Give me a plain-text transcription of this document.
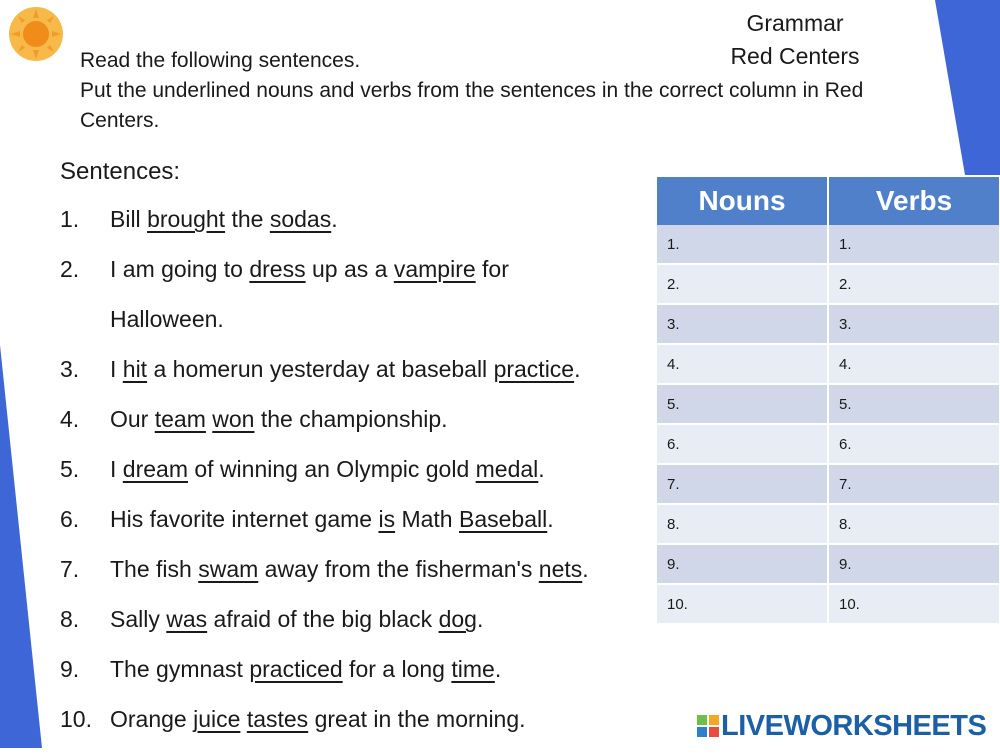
Grammar
Red Centers
Read the following sentences.
Put the underlined nouns and verbs from the sentences in the correct column in Red
Centers.
Sentences:
1.	Bill brought the sodas.
2.	I am going to dress up as a vampire for
Halloween.
3.	I hit a homerun yesterday at baseball practice.
4.	Our team won the championship.
5.	I dream of winning an Olympic gold medal.
6.	His favorite internet game is Math Baseball.
7.	The fish swam away from the fisherman's nets.
8.	Sally was afraid of the big black dog.
9.	The gymnast practiced for a long time.
10. Orange juice tastes great in the morning.
Nouns	Verbs
1.	1.
2.	2.
3.	3.
4.	4.
5.	5.
6.	6.
7.	7.
8.	8.
9.	9.
10.	10.
LIVEWORKSHEETS
